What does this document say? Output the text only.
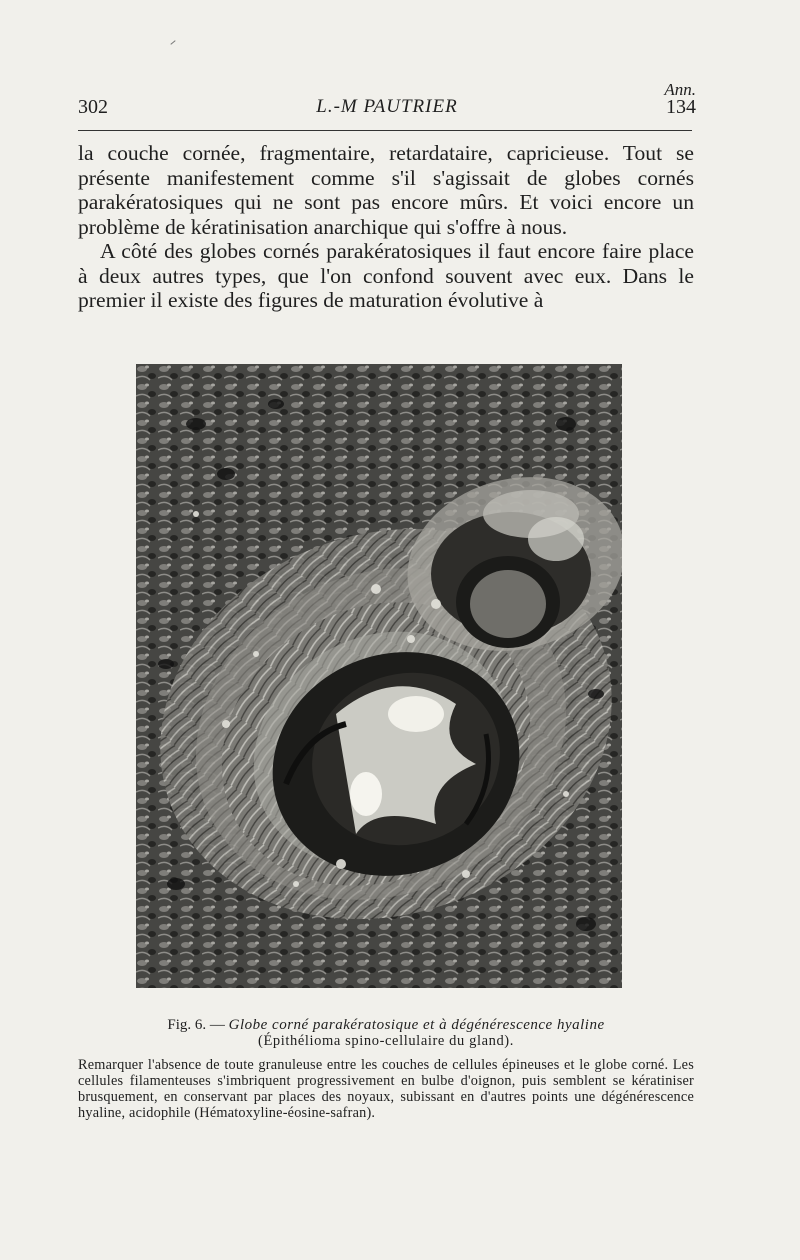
Ann.
302	L.-M PAUTRIER	134

la couche cornée, fragmentaire, retardataire, capricieuse. Tout se présente manifestement comme s'il s'agissait de globes cornés parakératosiques qui ne sont pas encore mûrs. Et voici encore un problème de kératinisation anarchique qui s'offre à nous.

A côté des globes cornés parakératosiques il faut encore faire place à deux autres types, que l'on confond souvent avec eux. Dans le premier il existe des figures de maturation évolutive à

Fig. 6. — Globe corné parakératosique et à dégénérescence hyaline

(Épithélioma spino-cellulaire du gland).

Remarquer l'absence de toute granuleuse entre les couches de cellules épineuses et le globe corné. Les cellules filamenteuses s'imbriquent progressivement en bulbe d'oignon, puis semblent se kératiniser brusquement, en conservant par places des noyaux, subissant en d'autres points une dégénérescence hyaline, acidophile (Hématoxyline-éosine-safran).
